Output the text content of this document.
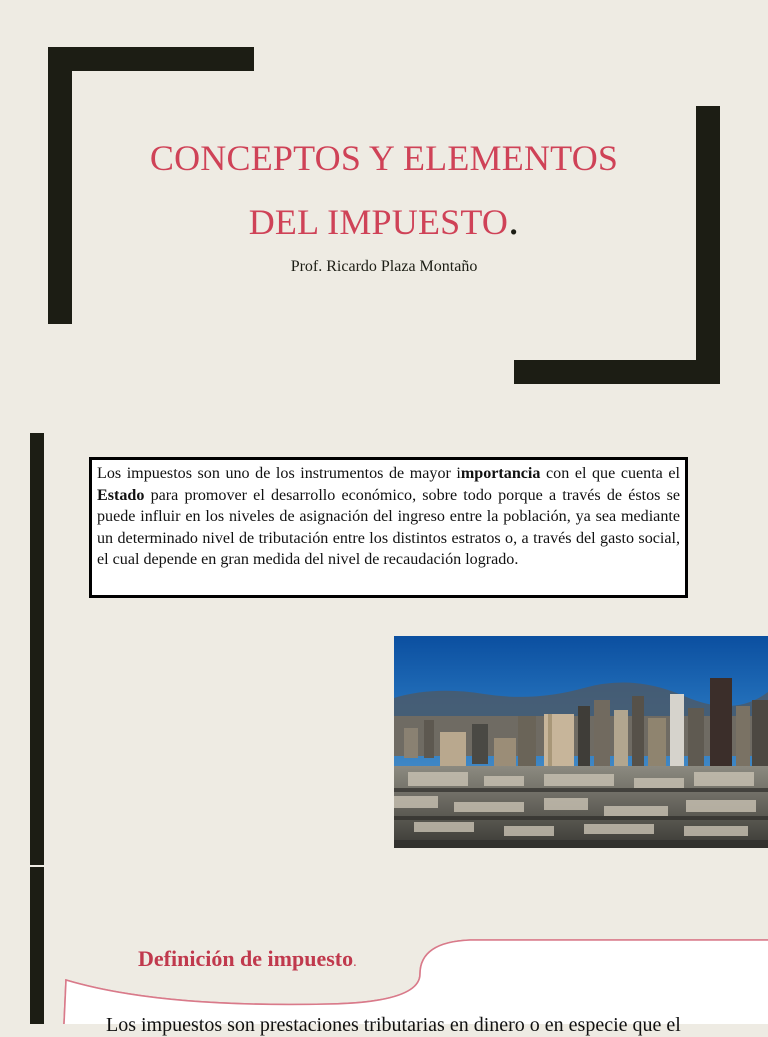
CONCEPTOS Y ELEMENTOS
DEL IMPUESTO.
Prof. Ricardo Plaza Montaño
Los impuestos son uno de los instrumentos de mayor importancia con el que cuenta el Estado para promover el desarrollo económico, sobre todo porque a través de éstos se puede influir en los niveles de asignación del ingreso entre la población, ya sea mediante un determinado nivel de tributación entre los distintos estratos o, a través del gasto social, el cual depende en gran medida del nivel de recaudación logrado.
Definición de impuesto.
Los impuestos son prestaciones tributarias en dinero o en especie que el
